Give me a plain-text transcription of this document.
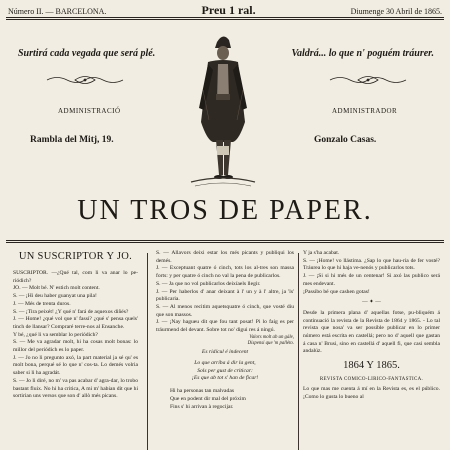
Número II. — BARCELONA.	Preu 1 ral.	Diumenge 30 Abril de 1865.
Surtirá cada vegada que será plé.	Valdrá... lo que n' poguém tráurer.
ADMINISTRACIÓ	ADMINISTRADOR
Rambla del Mitj, 19.	Gonzalo Casas.
UN TROS DE PAPER.

UN SUSCRIPTOR Y JO.

SUSCRIPTOR. —¿Qué tal, com li va anar lo pe-riódich?

JO. — Molt bé. N' estich molt content.

S. — ¡Hi deu haber guanyat una pila!

J. — Més de trenta duros.

S. — ¡Tira peixét! ¿Y qué n' fará de aquexos diñés?

J. — Home! ¿qué vol que n' fassi? ¿qué s' pensa quels' tinch de llansar? Compraré terre-nos al Ensanche.

Y bé, ¿qué li va semblar lo periódich?

S. — Me va agradar molt, hi ha cosas molt bonas: lo millor del periódich es lo paper.

J. — Jo no li pregunto axó, la part material ja sé qu' es molt bona, perqué sé lo que n' cos-ta. Lo demés volria saber si li ha agradát.

S. — Jo li diré, no m' va pas acabar d' agra-dar, lo trobo bastant fluix. No hi ha critica, A mi m' habian dit que hi sortirian uns versos que son d' allò més picans.

S. — Allavors deixi estar los més picants y publiqui los demés.

J. — Exceptuant quatre ó cinch, tots los al-tres son massa forts: y per quatre ó cinch no val la pena de publicarlos.

S. — Ja que no vol publicarlos deixíaels llegir.

J. — Per haberlos d' anar deixant à l' un y à l' altre, ja 'ls' publicaria.

S. — Al menos recitim aquetsquatre ó cinch, que vosté diu que son massos.

J. — ¡Nay hagueu dit que fou tant posat! Pi lo faig es per tráurmend del devant. Sobre tot no' digui res á ningú.

Valors molt ab un gále,

Dispensi que 'm palléto.

Es ridícul é indecent

Lo que arriba á dir la gent,

Sols per gust de criticar:

¡Es que ab tot s' han de ficar!

Hi ha personas tan malvadas

Que en podent dir mal del próxim

Fins s' hi arrivan à regocijar.

Y ja s'ha acabat.

S. — ¡Home! vo llástima. ¿Sap lo que hau-ria de fer vosté? Tráurea lo que hi haja ve-nenós y publicarlos tots.

J. — ¡Si si hi més de un centenar! Si axó las publico será mes endevant.

¡Passibo bé que cashen gotas!

— ✦ —

Desde la primera plana d' aquellas fotse, pu-bliquém á continuació la revista de la Revista de 1864 y 1865. - Lo tal revista que nosa' va ser possible publicar en lo primer número está escrita en castellá; pero no d' aquell que gastan á casa n' Brusi, sino en castellá d' aquell fi, que casi sembla andalúz.

1864 Y 1865.

REVISTA COMICO-LIRICO-FANTASTICA.

Lo que mas me cuenta á mí en la Revista es, es el público. ¡Como lo gusta lo bueno al
